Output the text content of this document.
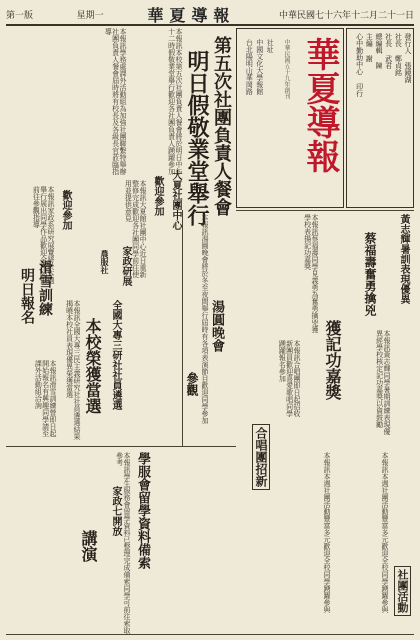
第一版	星期一	華夏導報	中華民國七十六年十二月二十一日
華夏導報
中華民國五十九年創刊
社址
中國文化大學報館
台北陽明山華岡路	發行人 張鏡湖
社長 鄭貞銘
社長 武君
總編輯 陳
主編 謝
心中勤助中心 印行
本報訊學務處課外活動組為加強社團聯繫特舉辦社團負責人餐會屆時將有校長及各級長官蒞臨指導
第五次社團負責人餐會
明日假敬業堂舉行
本報訊本校第五次社團負責人餐會將於明日中午十二時假敬業堂舉行歡迎各社團負責人踴躍參加
大夏社團中心
歡迎參加
本報訊大夏館社團中心近日重新整修完成歡迎各社團同學前往使用並提供意見
家政研展
農服社
歡迎參加
本報訊家政系研究展覽將於本週舉行展出同學作品歡迎全校師生前往參觀指導
滑雪訓練
明日報名
本報訊滑雪訓練營即日起開始報名有興趣同學請至課外活動組洽詢	全國大專三研社社員遴選
本校榮獲當選
本報訊全國大專三民主義研究社社員遴選結果揭曉本校社員表現優異榮獲當選	湯圓晚會
本報訊湯圓晚會將於冬至夜間舉行屆時有各項表演節目歡迎同學參加
參觀
黃志輝暑訓表現優異
蔡福壽奮勇擒兇
獲記功嘉獎	本報訊黃志輝同學暑期訓練表現優異經學校核定記功嘉獎以資鼓勵
本報訊蔡福壽同學見義勇為奮勇擒兇獲學校表揚記功嘉獎
合唱團招新
本報訊合唱團即日起招收新團員歡迎喜愛歌唱同學踴躍報名參加
學服會留學資料備索
本報訊學生服務會留學資料已整理完成備索同學可前往索取參考
家政七開放
講演	本報訊本週社團活動豐富多元歡迎全校同學踴躍參與	社團活動
本報訊本週社團活動豐富多元歡迎全校同學踴躍參與
